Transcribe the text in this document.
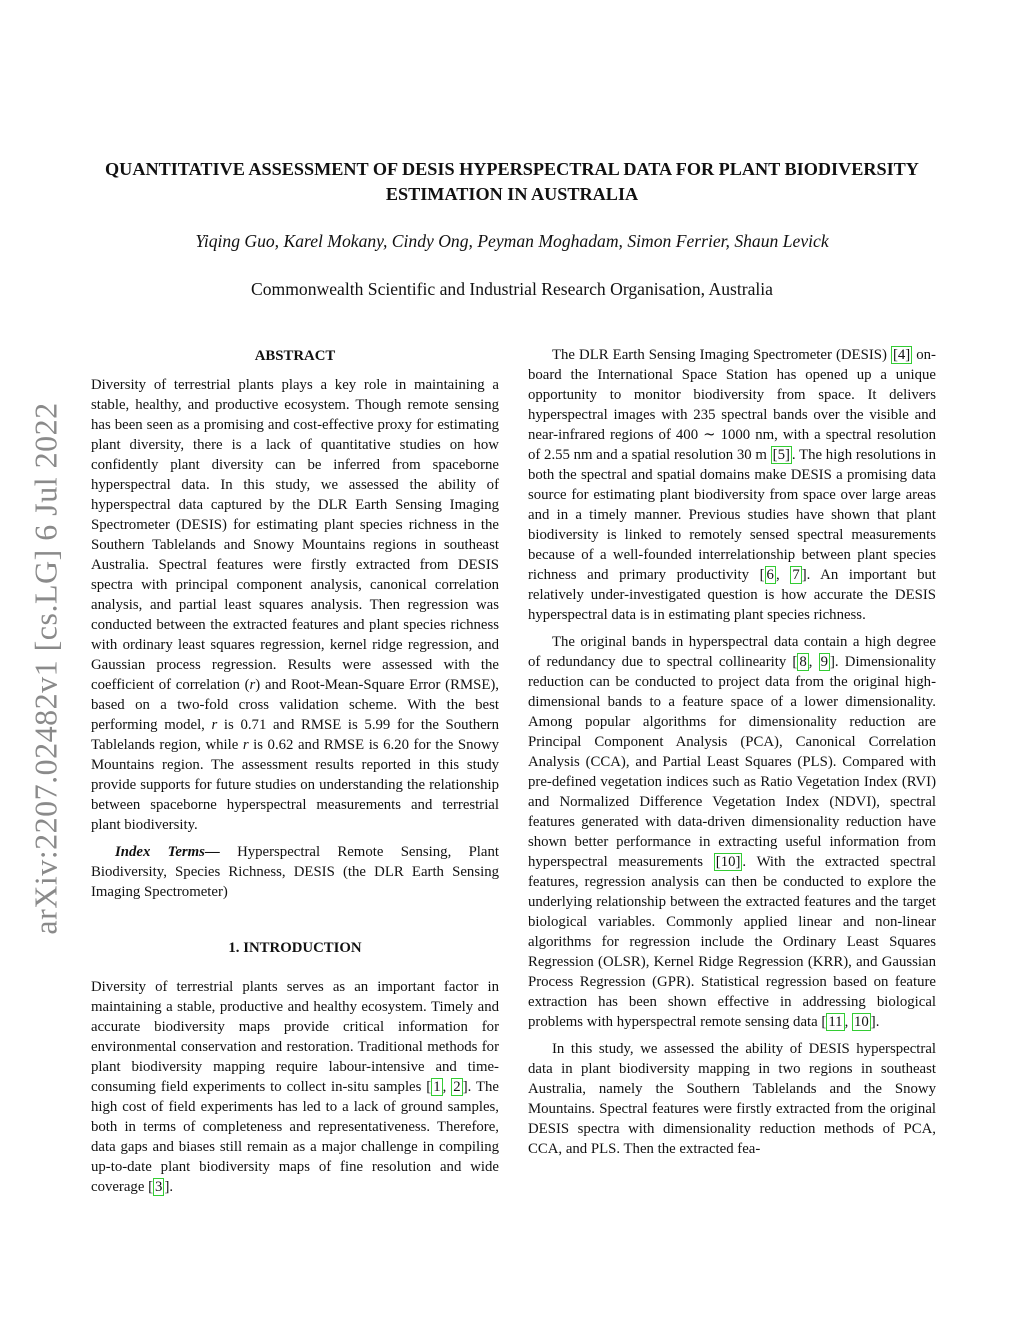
arXiv:2207.02482v1 [cs.LG] 6 Jul 2022
QUANTITATIVE ASSESSMENT OF DESIS HYPERSPECTRAL DATA FOR PLANT BIODIVERSITY ESTIMATION IN AUSTRALIA
Yiqing Guo, Karel Mokany, Cindy Ong, Peyman Moghadam, Simon Ferrier, Shaun Levick
Commonwealth Scientific and Industrial Research Organisation, Australia
ABSTRACT

Diversity of terrestrial plants plays a key role in maintaining a stable, healthy, and productive ecosystem. Though remote sensing has been seen as a promising and cost-effective proxy for estimating plant diversity, there is a lack of quantitative studies on how confidently plant diversity can be inferred from spaceborne hyperspectral data. In this study, we assessed the ability of hyperspectral data captured by the DLR Earth Sensing Imaging Spectrometer (DESIS) for estimating plant species richness in the Southern Tablelands and Snowy Mountains regions in southeast Australia. Spectral features were firstly extracted from DESIS spectra with principal component analysis, canonical correlation analysis, and partial least squares analysis. Then regression was conducted between the extracted features and plant species richness with ordinary least squares regression, kernel ridge regression, and Gaussian process regression. Results were assessed with the coefficient of correlation (r) and Root-Mean-Square Error (RMSE), based on a two-fold cross validation scheme. With the best performing model, r is 0.71 and RMSE is 5.99 for the Southern Tablelands region, while r is 0.62 and RMSE is 6.20 for the Snowy Mountains region. The assessment results reported in this study provide supports for future studies on understanding the relationship between spaceborne hyperspectral measurements and terrestrial plant biodiversity.

Index Terms— Hyperspectral Remote Sensing, Plant Biodiversity, Species Richness, DESIS (the DLR Earth Sensing Imaging Spectrometer)

1. INTRODUCTION

Diversity of terrestrial plants serves as an important factor in maintaining a stable, productive and healthy ecosystem. Timely and accurate biodiversity maps provide critical information for environmental conservation and restoration. Traditional methods for plant biodiversity mapping require labour-intensive and time-consuming field experiments to collect in-situ samples [ 1 , 2 ]. The high cost of field experiments has led to a lack of ground samples, both in terms of completeness and representativeness. Therefore, data gaps and biases still remain as a major challenge in compiling up-to-date plant biodiversity maps of fine resolution and wide coverage [ 3 ].

The DLR Earth Sensing Imaging Spectrometer (DESIS) [4] on-board the International Space Station has opened up a unique opportunity to monitor biodiversity from space. It delivers hyperspectral images with 235 spectral bands over the visible and near-infrared regions of 400 ∼ 1000 nm, with a spectral resolution of 2.55 nm and a spatial resolution 30 m [5] . The high resolutions in both the spectral and spatial domains make DESIS a promising data source for estimating plant biodiversity from space over large areas and in a timely manner. Previous studies have shown that plant biodiversity is linked to remotely sensed spectral measurements because of a well-founded interrelationship between plant species richness and primary productivity [ 6 , 7 ]. An important but relatively under-investigated question is how accurate the DESIS hyperspectral data is in estimating plant species richness.

The original bands in hyperspectral data contain a high degree of redundancy due to spectral collinearity [ 8 , 9 ]. Dimensionality reduction can be conducted to project data from the original high-dimensional bands to a feature space of a lower dimensionality. Among popular algorithms for dimensionality reduction are Principal Component Analysis (PCA), Canonical Correlation Analysis (CCA), and Partial Least Squares (PLS). Compared with pre-defined vegetation indices such as Ratio Vegetation Index (RVI) and Normalized Difference Vegetation Index (NDVI), spectral features generated with data-driven dimensionality reduction have shown better performance in extracting useful information from hyperspectral measurements [10] . With the extracted spectral features, regression analysis can then be conducted to explore the underlying relationship between the extracted features and the target biological variables. Commonly applied linear and non-linear algorithms for regression include the Ordinary Least Squares Regression (OLSR), Kernel Ridge Regression (KRR), and Gaussian Process Regression (GPR). Statistical regression based on feature extraction has been shown effective in addressing biological problems with hyperspectral remote sensing data [ 11 , 10 ].

In this study, we assessed the ability of DESIS hyperspectral data in plant biodiversity mapping in two regions in southeast Australia, namely the Southern Tablelands and the Snowy Mountains. Spectral features were firstly extracted from the original DESIS spectra with dimensionality reduction methods of PCA, CCA, and PLS. Then the extracted fea-
